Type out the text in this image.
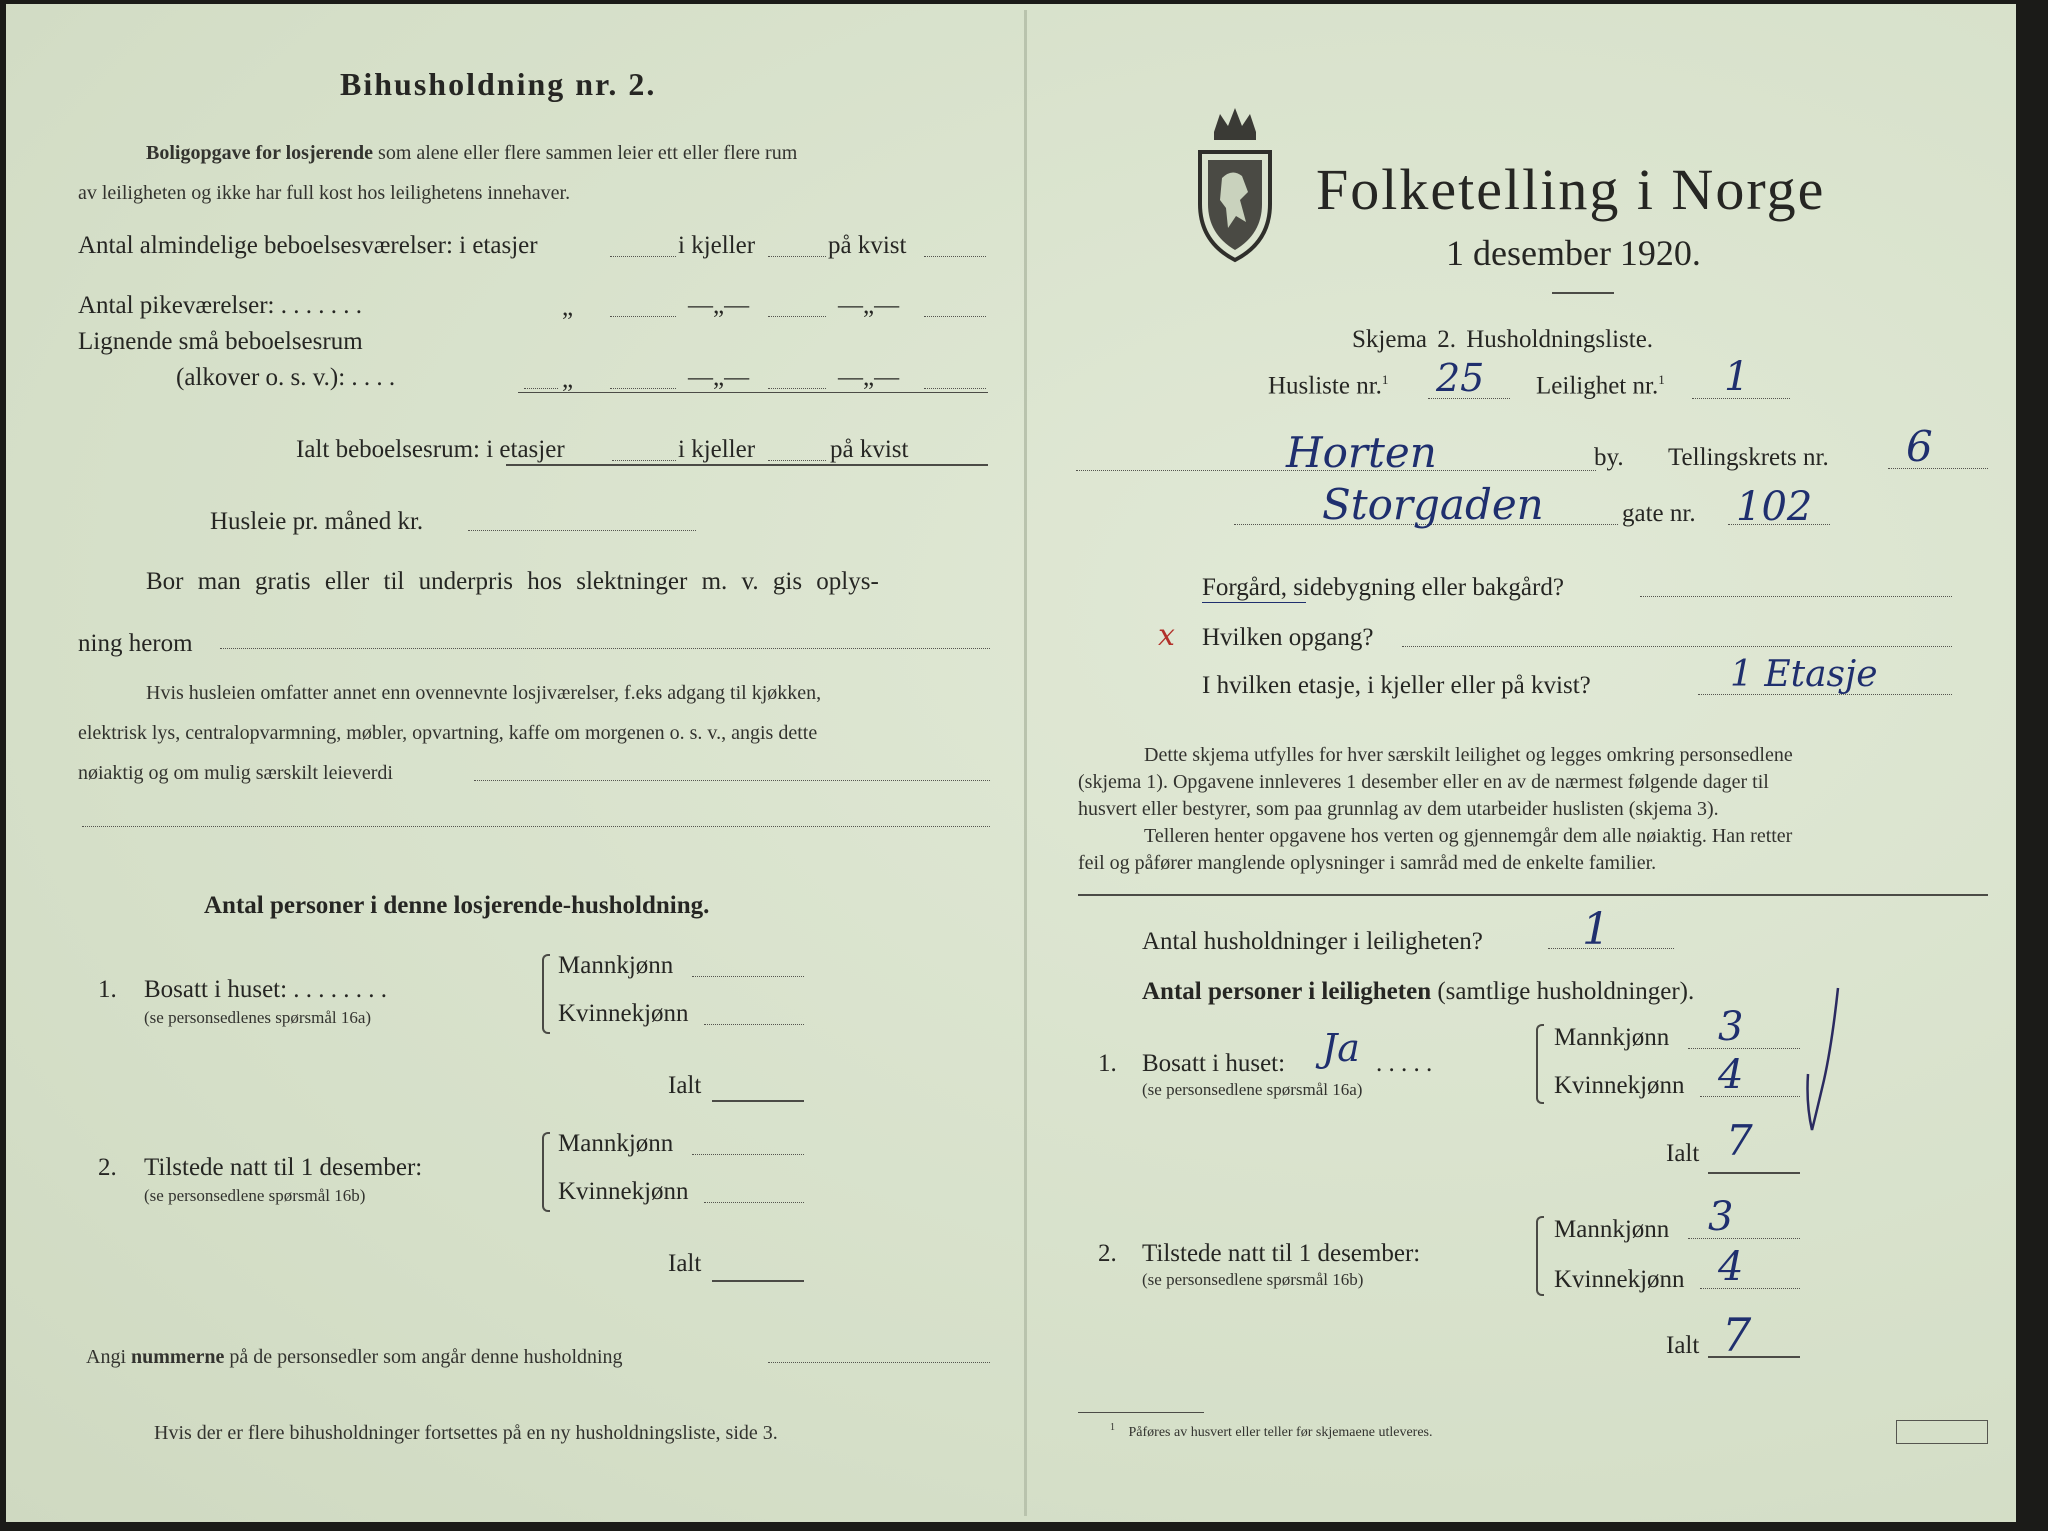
Bihusholdning nr. 2.
Boligopgave for losjerende som alene eller flere sammen leier ett eller flere rum
av leiligheten og ikke har full kost hos leilighetens innehaver.
Antal almindelige beboelsesværelser: i etasjer	i kjeller	på kvist
Antal pikeværelser: . . . . . . .	„	—„—	—„—
Lignende små beboelsesrum
(alkover o. s. v.): . . . .	„	—„—	—„—
Ialt beboelsesrum: i etasjer	i kjeller	på kvist
Husleie pr. måned kr.
Bor man gratis eller til underpris hos slektninger m. v. gis oplys-
ning herom
Hvis husleien omfatter annet enn ovennevnte losjiværelser, f.eks adgang til kjøkken,
elektrisk lys, centralopvarmning, møbler, opvartning, kaffe om morgenen o. s. v., angis dette
nøiaktig og om mulig særskilt leieverdi
Antal personer i denne losjerende-husholdning.
1. Bosatt i huset: . . . . . . . .
(se personsedlenes spørsmål 16a)
Mannkjønn
Kvinnekjønn
Ialt
2. Tilstede natt til 1 desember:
(se personsedlene spørsmål 16b)
Mannkjønn
Kvinnekjønn
Ialt
Angi nummerne på de personsedler som angår denne husholdning
Hvis der er flere bihusholdninger fortsettes på en ny husholdningsliste, side 3.
Folketelling i Norge
1 desember 1920.
Skjema 2. Husholdningsliste.
Husliste nr.$^1$ 25 Leilighet nr.$^1$ 1
Horten	by. Tellingskrets nr. 6
Storgaden	gate nr. 102
Forgård, sidebygning eller bakgård?
x Hvilken opgang?
I hvilken etasje, i kjeller eller på kvist?	1 Etasje
Dette skjema utfylles for hver særskilt leilighet og legges omkring personsedlene
(skjema 1). Opgavene innleveres 1 desember eller en av de nærmest følgende dager til
husvert eller bestyrer, som paa grunnlag av dem utarbeider huslisten (skjema 3).
Telleren henter opgavene hos verten og gjennemgår dem alle nøiaktig. Han retter
feil og påfører manglende oplysninger i samråd med de enkelte familier.
Antal husholdninger i leiligheten? 1
Antal personer i leiligheten (samtlige husholdninger).
1. Bosatt i huset: Ja . . . . .
(se personsedlene spørsmål 16a)
Mannkjønn 3
Kvinnekjønn 4
Ialt 7
2. Tilstede natt til 1 desember:
(se personsedlene spørsmål 16b)
Mannkjønn 3
Kvinnekjønn 4
Ialt 7
$^1$ Påføres av husvert eller teller før skjemaene utleveres.
